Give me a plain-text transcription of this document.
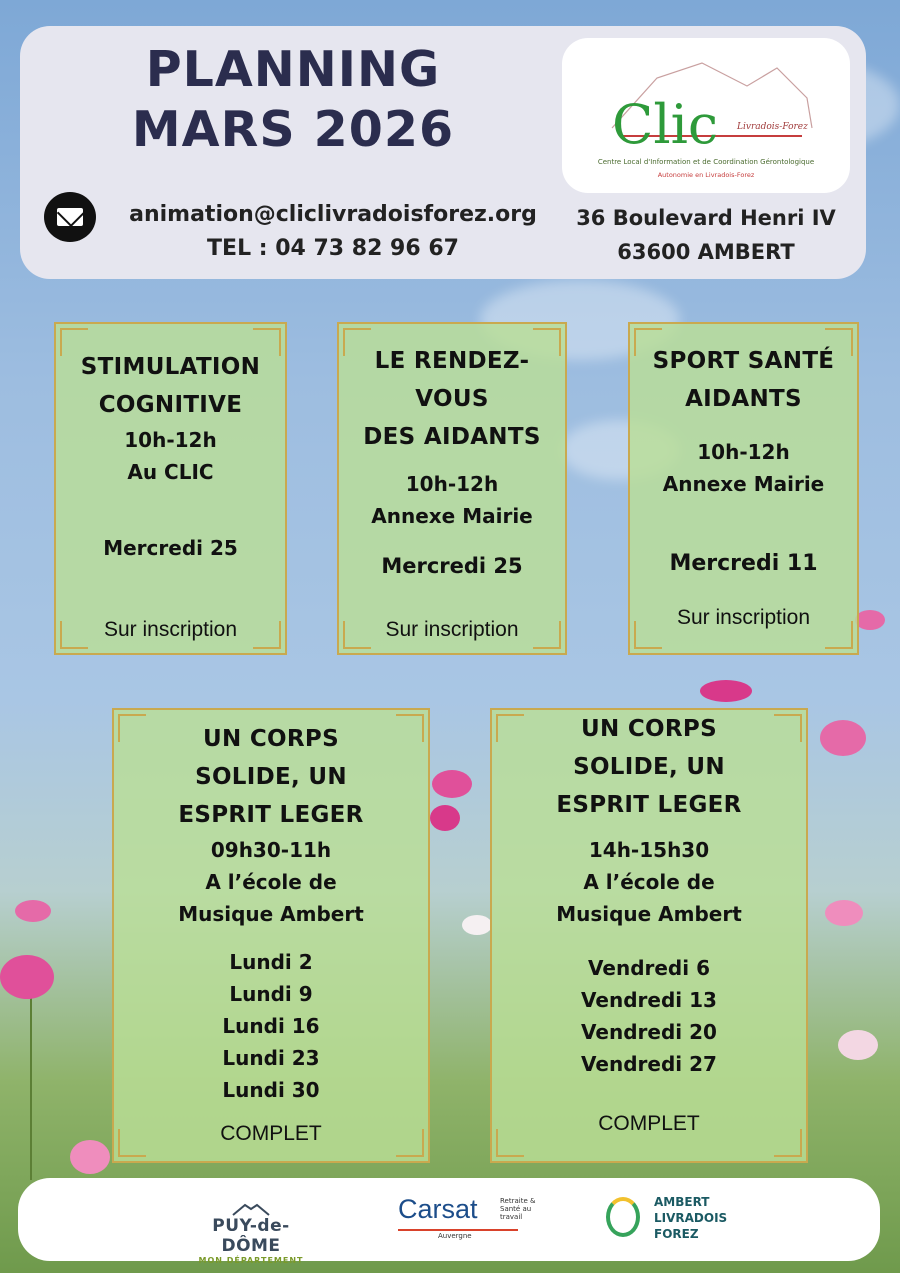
PLANNING
MARS 2026	Clic Livradois-Forez
Centre Local d'Information et de Coordination Gérontologique
Autonomie en Livradois-Forez
animation@cliclivradoisforez.org
TEL : 04 73 82 96 67
36 Boulevard Henri IV
63600 AMBERT
STIMULATION
COGNITIVE
10h-12h
Au CLIC
Mercredi 25
Sur inscription
LE RENDEZ-
VOUS
DES AIDANTS
10h-12h
Annexe Mairie
Mercredi 25
Sur inscription
SPORT SANTÉ
AIDANTS
10h-12h
Annexe Mairie
Mercredi 11
Sur inscription
UN CORPS
SOLIDE, UN
ESPRIT LEGER
09h30-11h
A l’école de
Musique Ambert
Lundi 2
Lundi 9
Lundi 16
Lundi 23
Lundi 30
COMPLET
UN CORPS
SOLIDE, UN
ESPRIT LEGER
14h-15h30
A l’école de
Musique Ambert
Vendredi 6
Vendredi 13
Vendredi 20
Vendredi 27
COMPLET
PUY-de-DÔME
MON DÉPARTEMENT
Carsat	Retraite & Santé au travail
Auvergne
AMBERT
LIVRADOIS
FOREZ
